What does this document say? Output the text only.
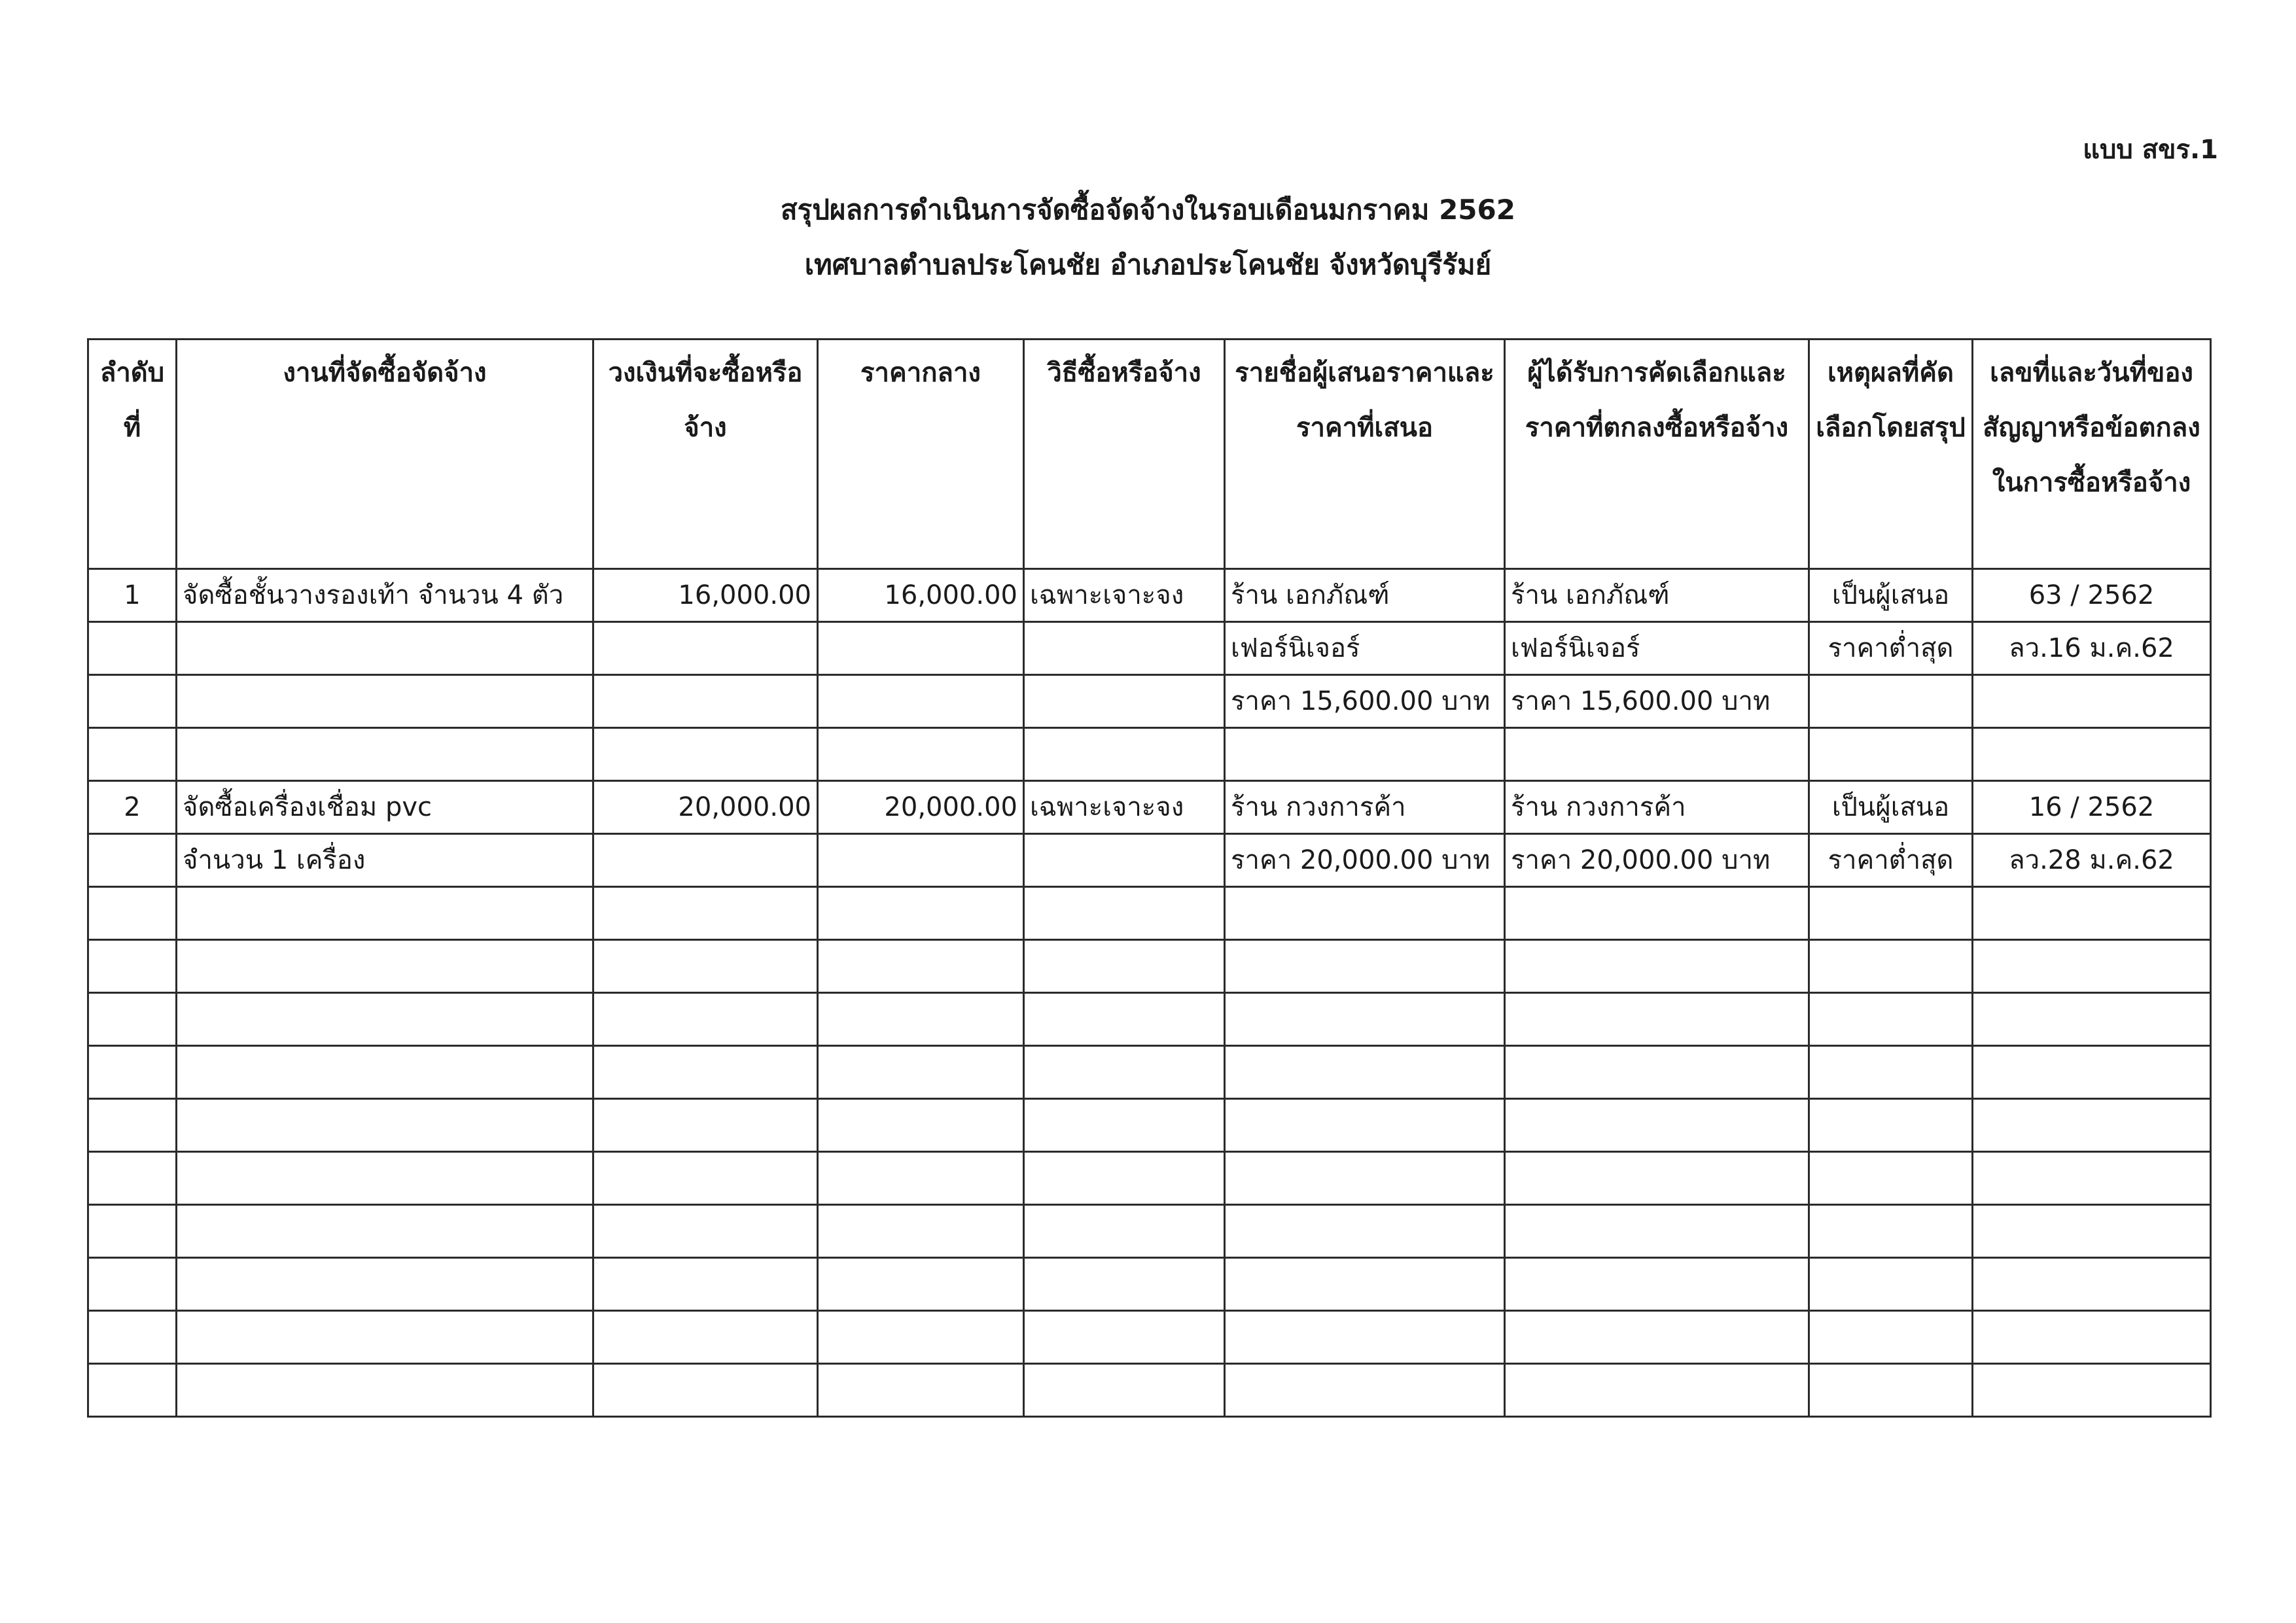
แบบ สขร.1
สรุปผลการดำเนินการจัดซื้อจัดจ้างในรอบเดือนมกราคม 2562
เทศบาลตำบลประโคนชัย อำเภอประโคนชัย จังหวัดบุรีรัมย์
ลำดับที่	งานที่จัดซื้อจัดจ้าง	วงเงินที่จะซื้อหรือจ้าง	ราคากลาง	วิธีซื้อหรือจ้าง	รายชื่อผู้เสนอราคาและราคาที่เสนอ	ผู้ได้รับการคัดเลือกและราคาที่ตกลงซื้อหรือจ้าง	เหตุผลที่คัดเลือกโดยสรุป	เลขที่และวันที่ของสัญญาหรือข้อตกลงในการซื้อหรือจ้าง
1	จัดซื้อชั้นวางรองเท้า จำนวน 4 ตัว	16,000.00	16,000.00	เฉพาะเจาะจง	ร้าน เอกภัณฑ์	ร้าน เอกภัณฑ์	เป็นผู้เสนอ	63 / 2562
					เฟอร์นิเจอร์	เฟอร์นิเจอร์	ราคาต่ำสุด	ลว.16 ม.ค.62
					ราคา 15,600.00 บาท	ราคา 15,600.00 บาท		

2	จัดซื้อเครื่องเชื่อม pvc	20,000.00	20,000.00	เฉพาะเจาะจง	ร้าน กวงการค้า	ร้าน กวงการค้า	เป็นผู้เสนอ	16 / 2562
	จำนวน 1 เครื่อง				ราคา 20,000.00 บาท	ราคา 20,000.00 บาท	ราคาต่ำสุด	ลว.28 ม.ค.62
